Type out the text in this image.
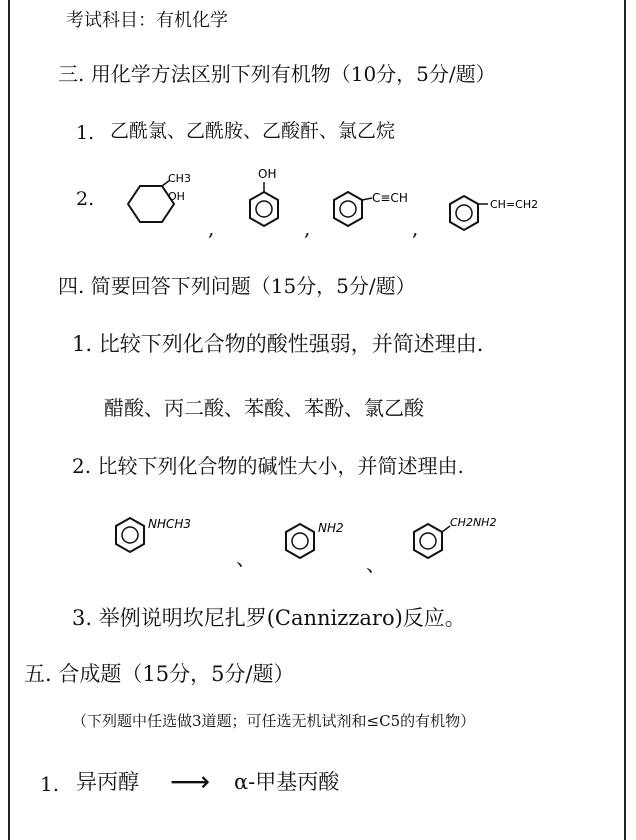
考试科目：有机化学
三. 用化学方法区别下列有机物（10分，5分/题）
1. 乙酰氯、乙酰胺、乙酸酐、氯乙烷
2.
CH3
OH
,
OH
,
C≡CH
,
CH=CH2
四. 简要回答下列问题（15分，5分/题）
1. 比较下列化合物的酸性强弱，并简述理由.
醋酸、丙二酸、苯酸、苯酚、氯乙酸
2. 比较下列化合物的碱性大小，并简述理由.
NHCH3
、
NH2
、
CH2NH2
3. 举例说明坎尼扎罗(Cannizzaro)反应。
五. 合成题（15分，5分/题）
（下列题中任选做3道题；可任选无机试剂和≤C5的有机物）
1. 异丙醇 ⟶ α-甲基丙酸
